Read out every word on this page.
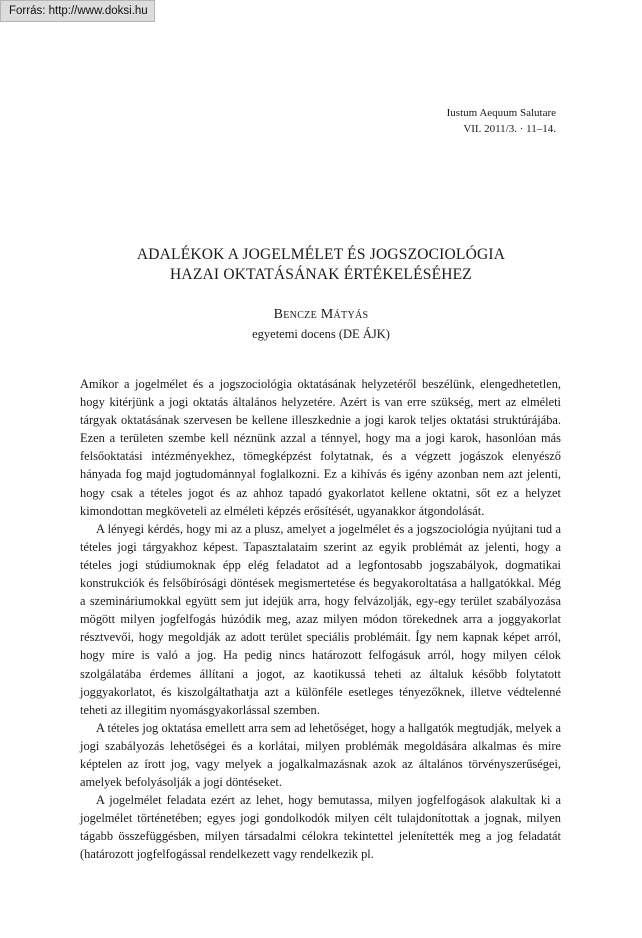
Forrás: http://www.doksi.hu
Iustum Aequum Salutare
VII. 2011/3. · 11–14.
ADALÉKOK A JOGELMÉLET ÉS JOGSZOCIOLÓGIA
HAZAI OKTATÁSÁNAK ÉRTÉKELÉSÉHEZ
Bencze Mátyás
egyetemi docens (DE ÁJK)

Amikor a jogelmélet és a jogszociológia oktatásának helyzetéről beszélünk, elengedhetetlen, hogy kitérjünk a jogi oktatás általános helyzetére. Azért is van erre szükség, mert az elméleti tárgyak oktatásának szervesen be kellene illeszkednie a jogi karok teljes oktatási struktúrájába. Ezen a területen szembe kell néznünk azzal a ténnyel, hogy ma a jogi karok, hasonlóan más felsőoktatási intézményekhez, tömegképzést folytatnak, és a végzett jogászok elenyésző hányada fog majd jogtudománnyal foglalkozni. Ez a kihívás és igény azonban nem azt jelenti, hogy csak a tételes jogot és az ahhoz tapadó gyakorlatot kellene oktatni, sőt ez a helyzet kimondottan megköveteli az elméleti képzés erősítését, ugyanakkor átgondolását.

A lényegi kérdés, hogy mi az a plusz, amelyet a jogelmélet és a jogszociológia nyújtani tud a tételes jogi tárgyakhoz képest. Tapasztalataim szerint az egyik problémát az jelenti, hogy a tételes jogi stúdiumoknak épp elég feladatot ad a legfontosabb jogszabályok, dogmatikai konstrukciók és felsőbírósági döntések megismertetése és begyakoroltatása a hallgatókkal. Még a szemináriumokkal együtt sem jut idejük arra, hogy felvázolják, egy-egy terület szabályozása mögött milyen jogfelfogás húzódik meg, azaz milyen módon törekednek arra a joggyakorlat résztvevői, hogy megoldják az adott terület speciális problémáit. Így nem kapnak képet arról, hogy mire is való a jog. Ha pedig nincs határozott felfogásuk arról, hogy milyen célok szolgálatába érdemes állítani a jogot, az kaotikussá teheti az általuk később folytatott joggyakorlatot, és kiszolgáltathatja azt a különféle esetleges tényezőknek, illetve védtelenné teheti az illegitim nyomásgyakorlással szemben.

A tételes jog oktatása emellett arra sem ad lehetőséget, hogy a hallgatók megtudják, melyek a jogi szabályozás lehetőségei és a korlátai, milyen problémák megoldására alkalmas és mire képtelen az írott jog, vagy melyek a jogalkalmazásnak azok az általános törvényszerűségei, amelyek befolyásolják a jogi döntéseket.

A jogelmélet feladata ezért az lehet, hogy bemutassa, milyen jogfelfogások alakultak ki a jogelmélet történetében; egyes jogi gondolkodók milyen célt tulajdonítottak a jognak, milyen tágabb összefüggésben, milyen társadalmi célokra tekintettel jelenítették meg a jog feladatát (határozott jogfelfogással rendelkezett vagy rendelkezik pl.
